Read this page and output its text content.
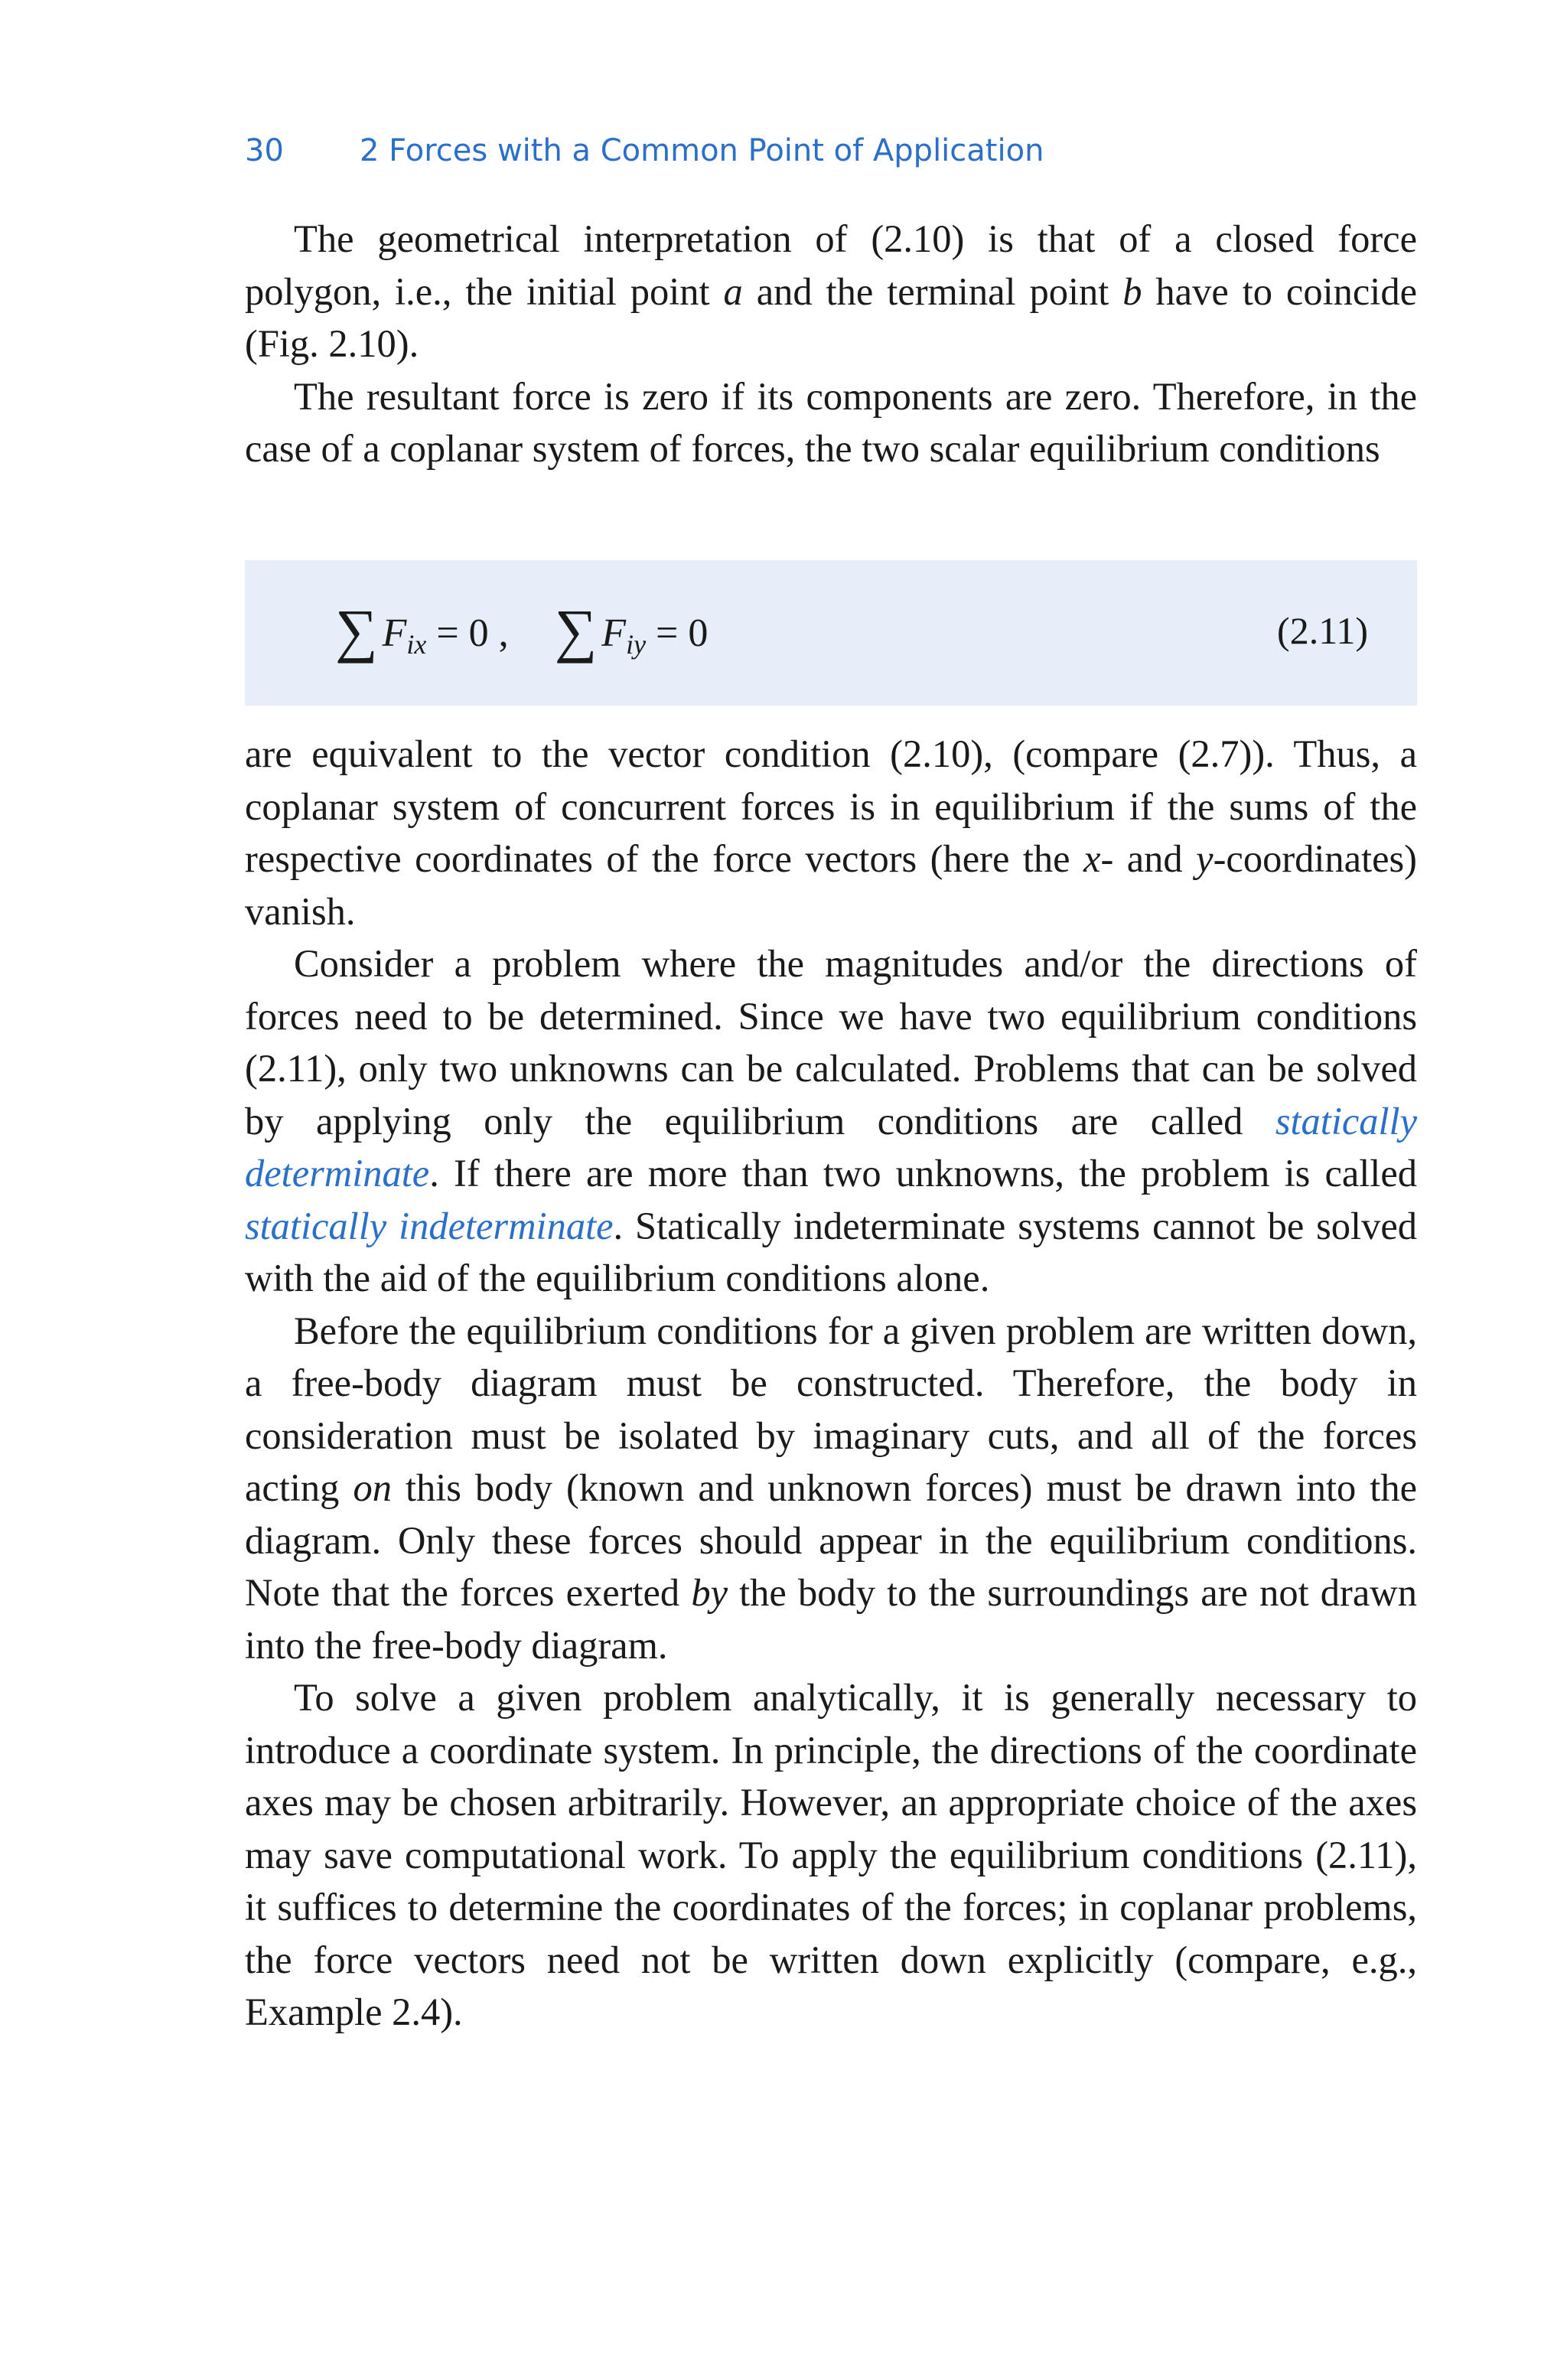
30 2 Forces with a Common Point of Application

The geometrical interpretation of (2.10) is that of a closed force polygon, i.e., the initial point a and the terminal point b have to coincide (Fig. 2.10).

The resultant force is zero if its components are zero. Therefore, in the case of a coplanar system of forces, the two scalar equilibrium conditions

∑ $F_{ix} = 0$ , ∑ $F_{iy} = 0$	(2.11)

are equivalent to the vector condition (2.10), (compare (2.7)). Thus, a coplanar system of concurrent forces is in equilibrium if the sums of the respective coordinates of the force vectors (here the x- and y-coordinates) vanish.

Consider a problem where the magnitudes and/or the directions of forces need to be determined. Since we have two equilibrium conditions (2.11), only two unknowns can be calculated. Problems that can be solved by applying only the equilibrium conditions are called statically determinate. If there are more than two unknowns, the problem is called statically indeterminate. Statically indeterminate systems cannot be solved with the aid of the equilibrium conditions alone.

Before the equilibrium conditions for a given problem are written down, a free-body diagram must be constructed. Therefore, the body in consideration must be isolated by imaginary cuts, and all of the forces acting on this body (known and unknown forces) must be drawn into the diagram. Only these forces should appear in the equilibrium conditions. Note that the forces exerted by the body to the surroundings are not drawn into the free-body diagram.

To solve a given problem analytically, it is generally necessary to introduce a coordinate system. In principle, the directions of the coordinate axes may be chosen arbitrarily. However, an appropriate choice of the axes may save computational work. To apply the equilibrium conditions (2.11), it suffices to determine the coordinates of the forces; in coplanar problems, the force vectors need not be written down explicitly (compare, e.g., Example 2.4).
